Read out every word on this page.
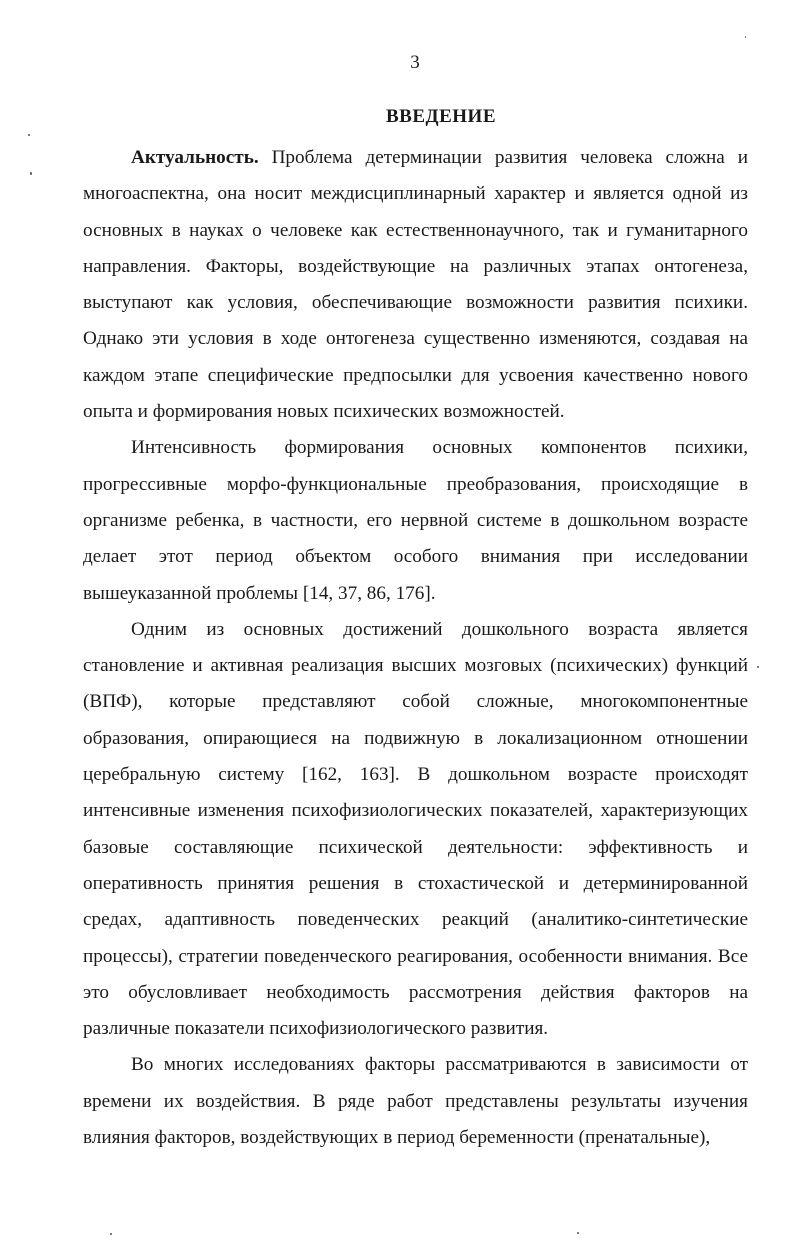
3
ВВЕДЕНИЕ

Актуальность. Проблема детерминации развития человека сложна и многоаспектна, она носит междисциплинарный характер и является одной из основных в науках о человеке как естественнонаучного, так и гуманитарного направления. Факторы, воздействующие на различных этапах онтогенеза, выступают как условия, обеспечивающие возможности развития психики. Однако эти условия в ходе онтогенеза существенно изменяются, создавая на каждом этапе специфические предпосылки для усвоения качественно нового опыта и формирования новых психических возможностей.

Интенсивность формирования основных компонентов психики, прогрессивные морфо-функциональные преобразования, происходящие в организме ребенка, в частности, его нервной системе в дошкольном возрасте делает этот период объектом особого внимания при исследовании вышеуказанной проблемы [14, 37, 86, 176].

Одним из основных достижений дошкольного возраста является становление и активная реализация высших мозговых (психических) функций (ВПФ), которые представляют собой сложные, многокомпонентные образования, опирающиеся на подвижную в локализационном отношении церебральную систему [162, 163]. В дошкольном возрасте происходят интенсивные изменения психофизиологических показателей, характеризующих базовые составляющие психической деятельности: эффективность и оперативность принятия решения в стохастической и детерминированной средах, адаптивность поведенческих реакций (аналитико-синтетические процессы), стратегии поведенческого реагирования, особенности внимания. Все это обусловливает необходимость рассмотрения действия факторов на различные показатели психофизиологического развития.

Во многих исследованиях факторы рассматриваются в зависимости от времени их воздействия. В ряде работ представлены результаты изучения влияния факторов, воздействующих в период беременности (пренатальные),
